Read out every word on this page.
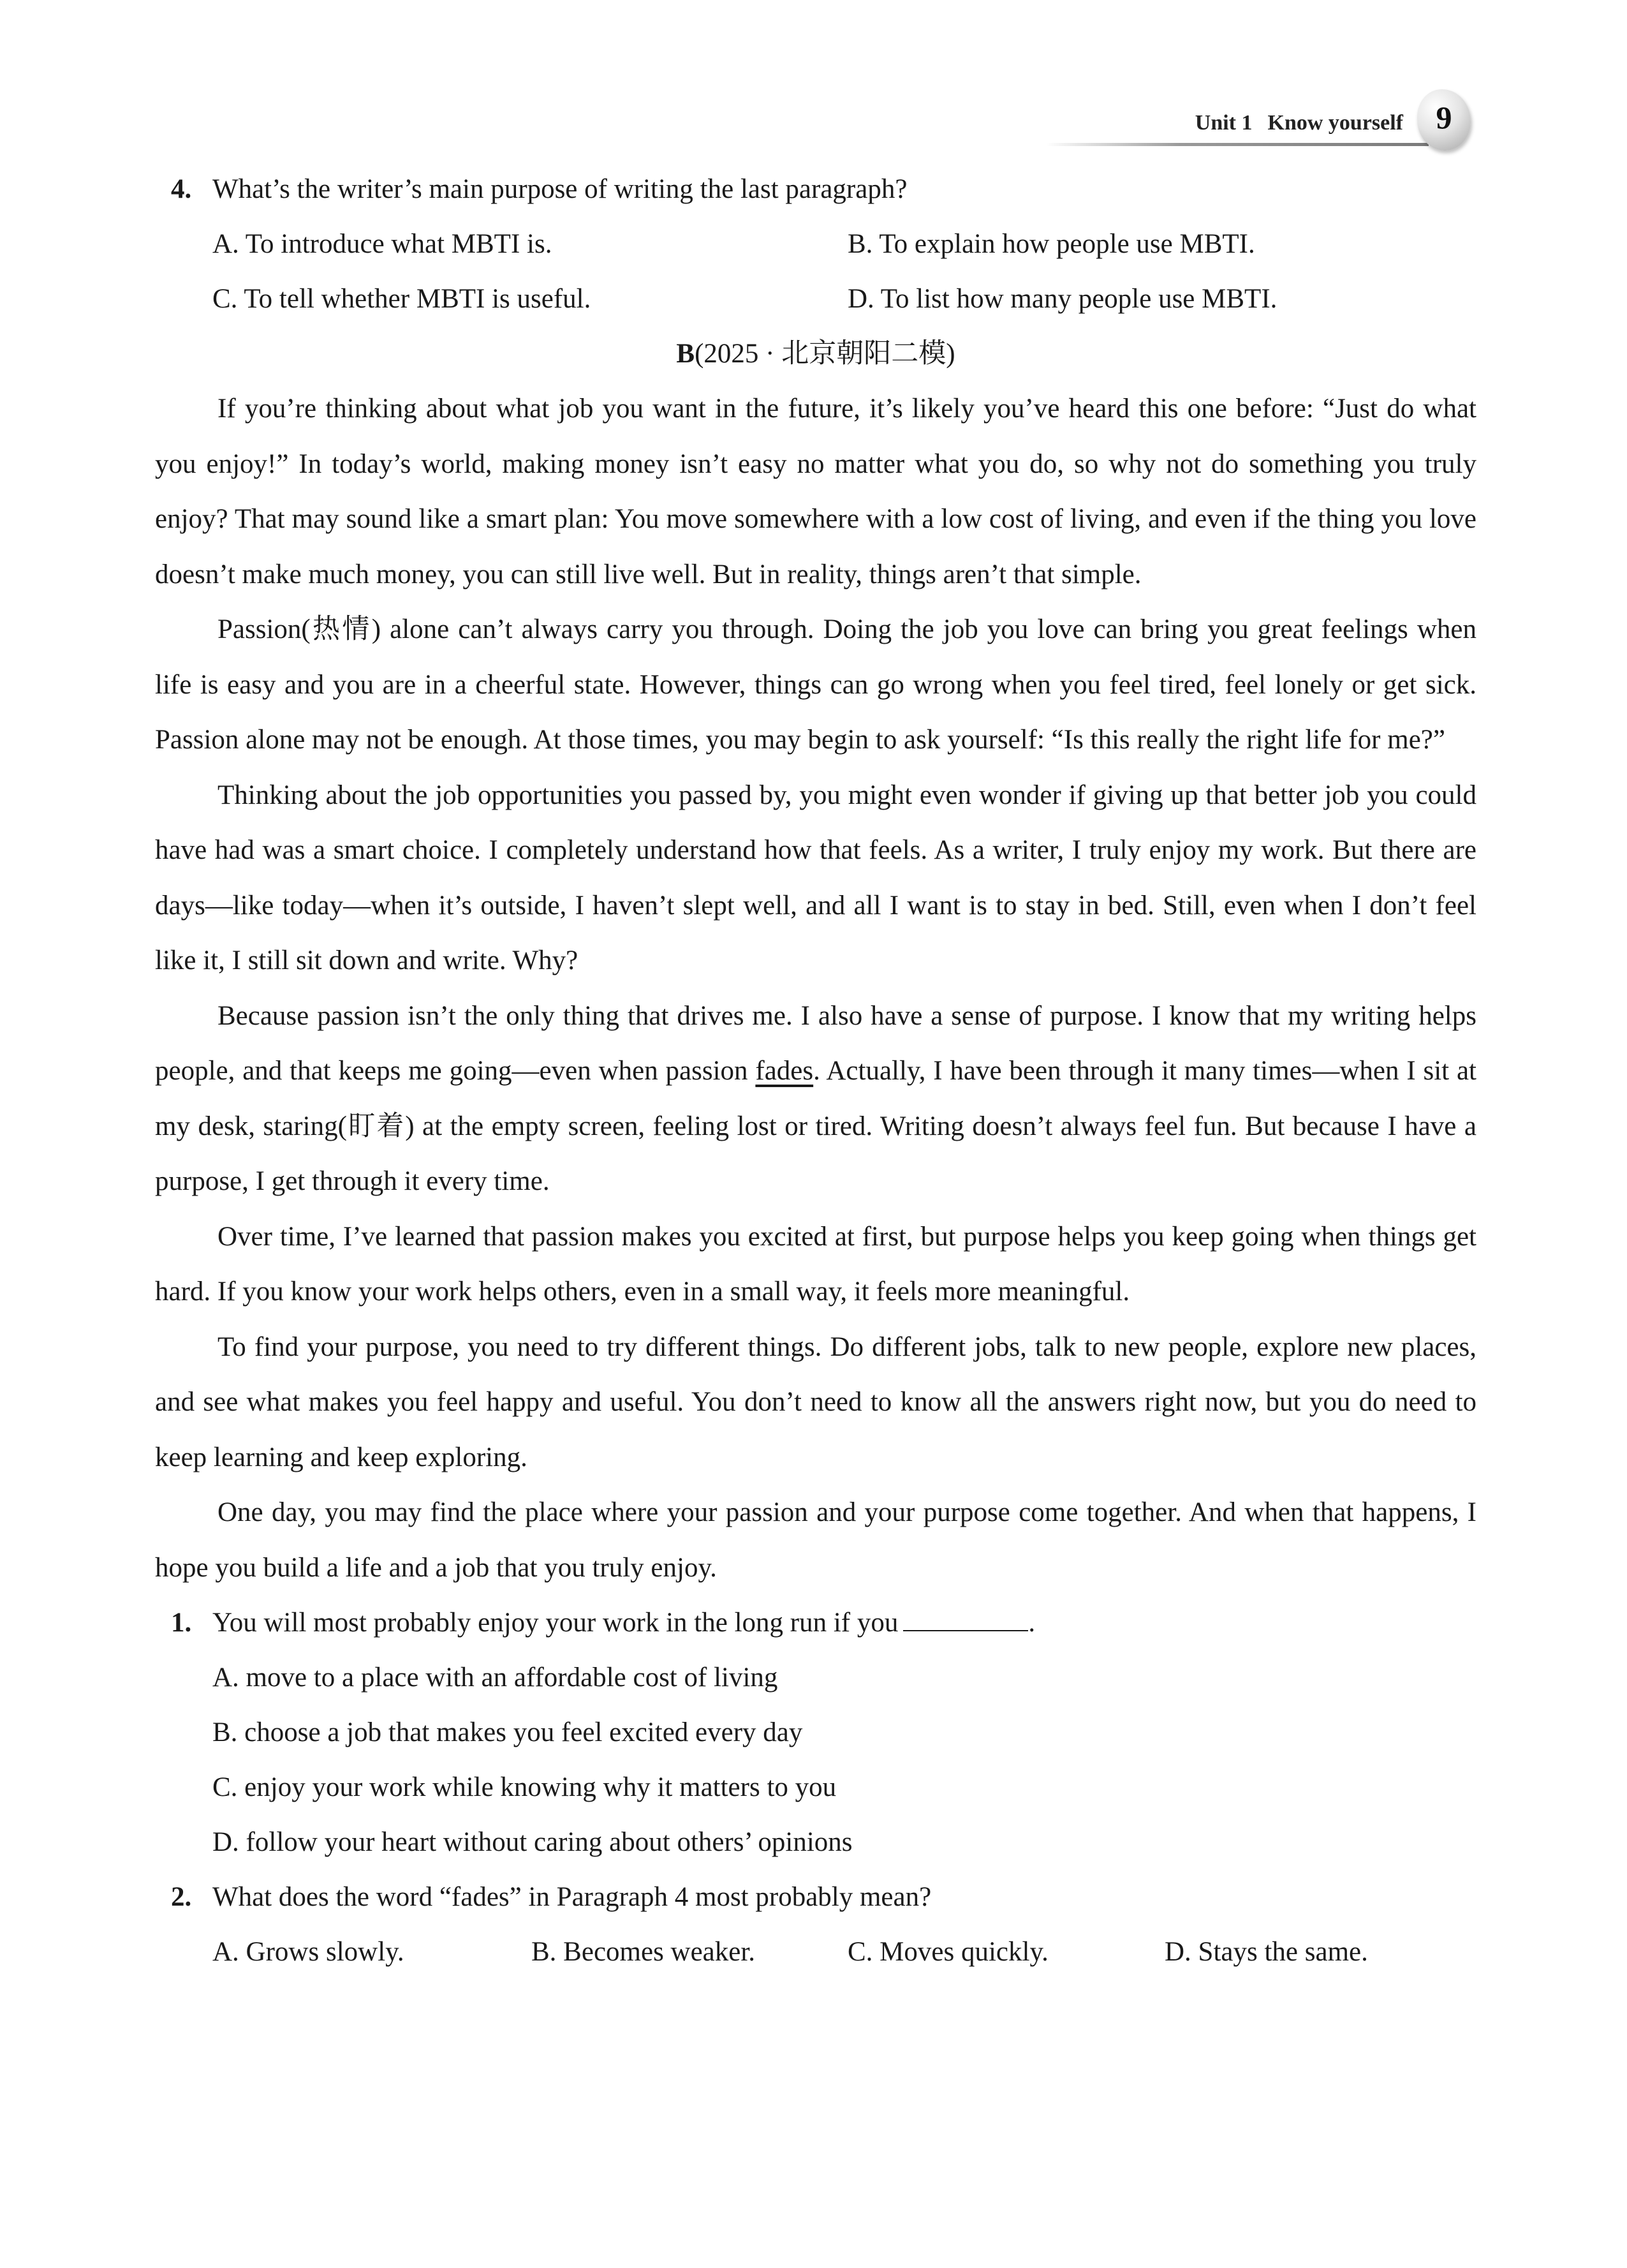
Unit 1 Know yourself	9
4. What’s the writer’s main purpose of writing the last paragraph?
A. To introduce what MBTI is.	B. To explain how people use MBTI.
C. To tell whether MBTI is useful.	D. To list how many people use MBTI.
B(2025 · 北京朝阳二模)

If you’re thinking about what job you want in the future, it’s likely you’ve heard this one before: “Just do what you enjoy!” In today’s world, making money isn’t easy no matter what you do, so why not do something you truly enjoy? That may sound like a smart plan: You move somewhere with a low cost of living, and even if the thing you love doesn’t make much money, you can still live well. But in reality, things aren’t that simple.

Passion(热情) alone can’t always carry you through. Doing the job you love can bring you great feelings when life is easy and you are in a cheerful state. However, things can go wrong when you feel tired, feel lonely or get sick. Passion alone may not be enough. At those times, you may begin to ask yourself: “Is this really the right life for me?”

Thinking about the job opportunities you passed by, you might even wonder if giving up that better job you could have had was a smart choice. I completely understand how that feels. As a writer, I truly enjoy my work. But there are days—like today—when it’s outside, I haven’t slept well, and all I want is to stay in bed. Still, even when I don’t feel like it, I still sit down and write. Why?

Because passion isn’t the only thing that drives me. I also have a sense of purpose. I know that my writing helps people, and that keeps me going—even when passion fades. Actually, I have been through it many times—when I sit at my desk, staring(盯着) at the empty screen, feeling lost or tired. Writing doesn’t always feel fun. But because I have a purpose, I get through it every time.

Over time, I’ve learned that passion makes you excited at first, but purpose helps you keep going when things get hard. If you know your work helps others, even in a small way, it feels more meaningful.

To find your purpose, you need to try different things. Do different jobs, talk to new people, explore new places, and see what makes you feel happy and useful. You don’t need to know all the answers right now, but you do need to keep learning and keep exploring.

One day, you may find the place where your passion and your purpose come together. And when that happens, I hope you build a life and a job that you truly enjoy.

1. You will most probably enjoy your work in the long run if you	.
A. move to a place with an affordable cost of living
B. choose a job that makes you feel excited every day
C. enjoy your work while knowing why it matters to you
D. follow your heart without caring about others’ opinions
2. What does the word “fades” in Paragraph 4 most probably mean?
A. Grows slowly.	B. Becomes weaker.	C. Moves quickly.	D. Stays the same.
